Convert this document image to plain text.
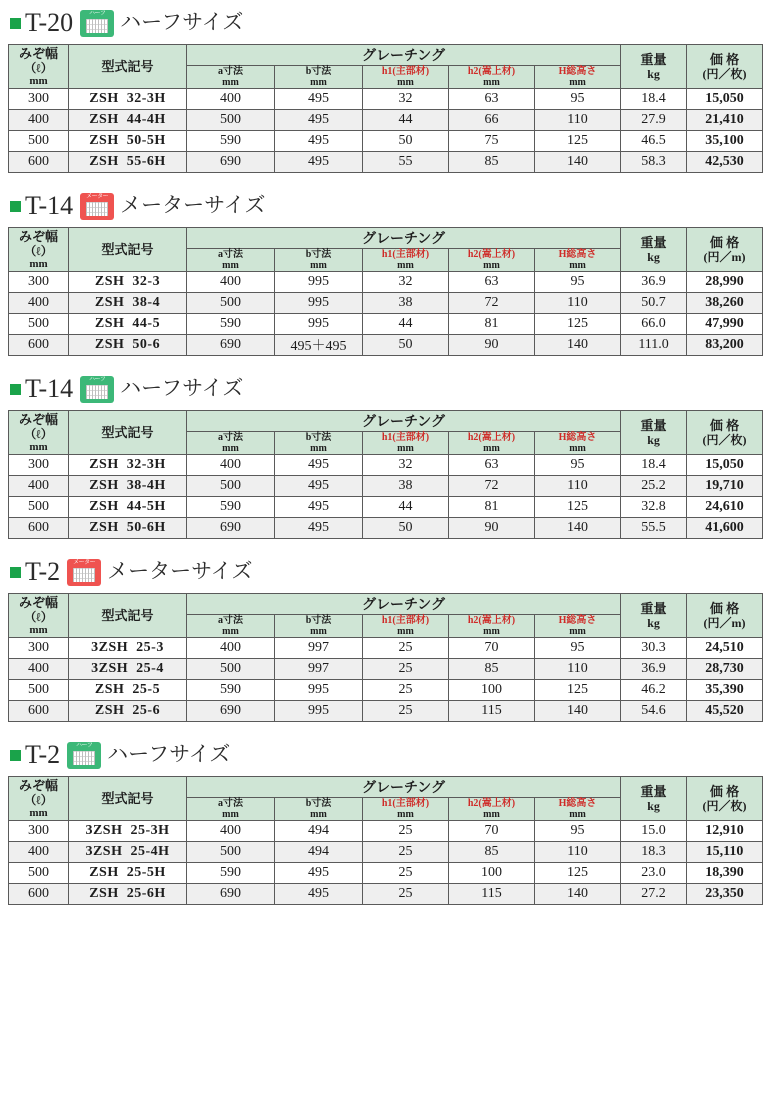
T-20	ハーフ ハーフサイズ
みぞ幅
（ℓ）
mm
	型式記号	グレーチング	重量
kg

価 格
(円／枚)

a寸法
mm

b寸法
mm

h1(主部材)
mm

h2(嵩上材)
mm

H総高さ
mm

300	ZSH  32-3H	400	495	32	63	95	18.4	15,050
400	ZSH  44-4H	500	495	44	66	110	27.9	21,410
500	ZSH  50-5H	590	495	50	75	125	46.5	35,100
600	ZSH  55-6H	690	495	55	85	140	58.3	42,530
T-14 メーター メーターサイズ
みぞ幅
（ℓ）
mm
	型式記号	グレーチング	重量
kg

価 格
(円／m)

a寸法
mm

b寸法
mm

h1(主部材)
mm

h2(嵩上材)
mm

H総高さ
mm

300	ZSH  32-3	400	995	32	63	95	36.9	28,990
400	ZSH  38-4	500	995	38	72	110	50.7	38,260
500	ZSH  44-5	590	995	44	81	125	66.0	47,990
600	ZSH  50-6	690	495＋495	50	90	140	111.0	83,200
T-14	ハーフ ハーフサイズ
みぞ幅
（ℓ）
mm
	型式記号	グレーチング	重量
kg

価 格
(円／枚)

a寸法
mm

b寸法
mm

h1(主部材)
mm

h2(嵩上材)
mm

H総高さ
mm

300	ZSH  32-3H	400	495	32	63	95	18.4	15,050
400	ZSH  38-4H	500	495	38	72	110	25.2	19,710
500	ZSH  44-5H	590	495	44	81	125	32.8	24,610
600	ZSH  50-6H	690	495	50	90	140	55.5	41,600
T-2 メーター メーターサイズ
みぞ幅
（ℓ）
mm
	型式記号	グレーチング	重量
kg

価 格
(円／m)

a寸法
mm

b寸法
mm

h1(主部材)
mm

h2(嵩上材)
mm

H総高さ
mm

300	3ZSH  25-3	400	997	25	70	95	30.3	24,510
400	3ZSH  25-4	500	997	25	85	110	36.9	28,730
500	ZSH  25-5	590	995	25	100	125	46.2	35,390
600	ZSH  25-6	690	995	25	115	140	54.6	45,520
T-2	ハーフ ハーフサイズ
みぞ幅
（ℓ）
mm
	型式記号	グレーチング	重量
kg

価 格
(円／枚)

a寸法
mm

b寸法
mm

h1(主部材)
mm

h2(嵩上材)
mm

H総高さ
mm

300	3ZSH  25-3H	400	494	25	70	95	15.0	12,910
400	3ZSH  25-4H	500	494	25	85	110	18.3	15,110
500	ZSH  25-5H	590	495	25	100	125	23.0	18,390
600	ZSH  25-6H	690	495	25	115	140	27.2	23,350
